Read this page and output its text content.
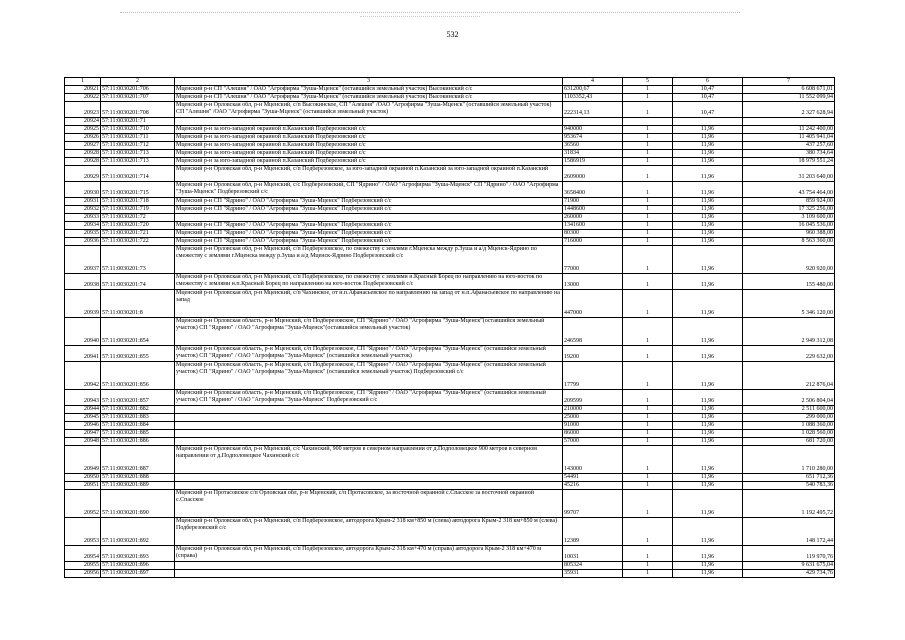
532
1	2	3	4	5	6	7
20921	57:11:0030201:706	Мценский р-н СП "Алешня" / ОАО "Агрофирма "Зуша-Мценск" (оставшийся земельный участок) Высокинский с/с	631200,67	1	10,47	6 608 671,01
20922	57:11:0030201:707	Мценский р-н СП "Алешня" / ОАО "Агрофирма "Зуша-Мценск" (оставшийся земельный участок) Высокинский с/с	1103352,43	1	10,47	11 552 099,94
20923	57:11:0030201:708	Мценский р-н Орловская обл, р-н Мценский, с/п Высокинское, СП "Алешня" /ОАО "Агрофирма "Зуша-Мценск" (оставшийся земельный участок) СП "Алешня" /ОАО "Агрофирма "Зуша-Мценск" (оставшийся земельный участок)	222314,13	1	10,47	2 327 628,94
20924	57:11:0030201:71					
20925	57:11:0030201:710	Мценский р-н за юго-западной окраиной п.Казанский Подберезовский с/с	940000	1	11,96	11 242 400,00
20926	57:11:0030201:711	Мценский р-н за юго-западной окраиной п.Казанский Подберезовский с/с	953674	1	11,96	11 405 941,04
20927	57:11:0030201:712	Мценский р-н за юго-западной окраиной п.Казанский Подберезовский с/с	36560	1	11,96	437 257,60
20928	57:11:0030201:713	Мценский р-н за юго-западной окраиной п.Казанский Подберезовский с/с	31834	1	11,96	380 734,64
20928	57:11:0030201:713	Мценский р-н за юго-западной окраиной п.Казанский Подберезовский с/с	1586919	1	11,96	18 979 551,24
20929	57:11:0030201:714	Мценский р-н Орловская обл, р-н Мценский, с/п Подберезовское, за юго-западной окраиной п.Казанский за юго-западной окраиной п.Казанский	2609000	1	11,96	31 203 640,00
20930	57:11:0030201:715	Мценский р-н Орловская обл, р-н Мценский, с/с Подберезовский, СП "Ядрино" / ОАО "Агрофирма "Зуша-Мценск" СП "Ядрино" / ОАО "Агрофирма "Зуша-Мценск" Подберезовский с/с	3658400	1	11,96	43 754 464,00
20931	57:11:0030201:718	Мценский р-н СП "Ядрино" / ОАО "Агрофирма "Зуша-Мценск" Подберезовский с/с	71900	1	11,96	859 924,00
20932	57:11:0030201:719	Мценский р-н СП "Ядрино" / ОАО "Агрофирма "Зуша-Мценск" Подберезовский с/с	1448600	1	11,96	17 325 256,00
20933	57:11:0030201:72		260000	1	11,96	3 109 600,00
20934	57:11:0030201:720	Мценский р-н СП "Ядрино" / ОАО "Агрофирма "Зуша-Мценск" Подберезовский с/с	1341600	1	11,96	16 045 536,00
20935	57:11:0030201:721	Мценский р-н СП "Ядрино" / ОАО "Агрофирма "Зуша-Мценск" Подберезовский с/с	80300	1	11,96	960 388,00
20936	57:11:0030201:722	Мценский р-н СП "Ядрино" / ОАО "Агрофирма "Зуша-Мценск" Подберезовский с/с	716000	1	11,96	8 563 360,00
20937	57:11:0030201:73	Мценский р-н Орловская обл, р-н Мценский, с/п Подберезовское, по смежеству с землями г.Мценска между р.Зуша и а/д Мценск-Ядрино по смежеству с землями г.Мценска между р.Зуша и а/д Мценск-Ядрино Подберезовский с/с	77000	1	11,96	920 920,00
20938	57:11:0030201:74	Мценский р-н Орловская обл, р-н Мценский, с/п Подберезовское, по смежеству с землями н.Красный Борец по направлению на юго-восток по смежеству с землями н.п.Красный Борец по направлению на юго-восток Подберезовский с/с	13000	1	11,96	155 480,00
20939	57:11:0030201:8	Мценский р-н Орловская обл, р-н Мценский, с/п Чахинское, от н.п.Афанасьевское по направлению на запад от н.п.Афанасьевское по направлению на запад	447000	1	11,96	5 346 120,00
20940	57:11:0030201:854	Мценский р-н Орловская область, р-н Мценский, с/п Подберезовское, СП "Ядрино" / ОАО "Агрофирма "Зуша-Мценск"(оставшийся земельный участок) СП "Ядрино" / ОАО "Агрофирма "Зуша-Мценск"(оставшийся земельный участок)	246598	1	11,96	2 949 312,08
20941	57:11:0030201:855	Мценский р-н Орловская область, р-н Мценский, с/п Подберезовское, СП "Ядрино" / ОАО "Агрофирма "Зуша-Мценск" (оставшийся земельный участок) СП "Ядрино" / ОАО "Агрофирма "Зуша-Мценск" (оставшийся земельный участок)	19200	1	11,96	229 632,00
20942	57:11:0030201:856	Мценский р-н Орловская область, р-н Мценский, с/п Подберезовское, СП "Ядрино" / ОАО "Агрофирма "Зуша-Мценск" (оставшийся земельный участок) СП "Ядрино" / ОАО "Агрофирма "Зуша-Мценск" (оставшийся земельный участок) Подберезовский с/с	17799	1	11,96	212 876,04
20943	57:11:0030201:857	Мценский р-н Орловская область, р-н Мценский, с/п Подберезовское, СП "Ядрино" / ОАО "Агрофирма "Зуша-Мценск" (оставшийся земельный участок) СП "Ядрино" / ОАО "Агрофирма "Зуша-Мценск" Подберезовский с/с	209599	1	11,96	2 506 804,04
20944	57:11:0030201:882		210000	1	11,96	2 511 600,00
20945	57:11:0030201:883		25000	1	11,96	299 000,00
20946	57:11:0030201:884		91000	1	11,96	1 088 360,00
20947	57:11:0030201:885		86000	1	11,96	1 028 560,00
20948	57:11:0030201:886		57000	1	11,96	681 720,00
20949	57:11:0030201:887	Мценский р-н Орловская обл, р-н Мценский, с/с Чахинский, 900 метров в северном направлении от д.Подполовецкое 900 метров в северном направлении от д.Подполовецкое Чахинский с/с	143000	1	11,96	1 710 280,00
20950	57:11:0030201:888		54491	1	11,96	651 712,36
20951	57:11:0030201:889		45216	1	11,96	540 783,36
20952	57:11:0030201:890	Мценский р-н Протасовское с/п Орловская обл, р-н Мценский, с/п Протасовское, за восточной окраиной с.Спасское за восточной окраиной с.Спасское	99707	1	11,96	1 192 495,72
20953	57:11:0030201:892	Мценский р-н Орловская обл, р-н Мценский, с/п Подберезовское, автодорога Крым-2 318 км+850 м (слева) автодорога Крым-2 318 км+850 м (слева) Подберезовский с/с	12389	1	11,96	148 172,44
20954	57:11:0030201:893	Мценский р-н Орловская обл, р-н Мценский, с/п Подберезовское, автодорога Крым-2 318 км+470 м (справа) автодорога Крым-2 318 км+470 м (справа)	10031	1	11,96	119 970,76
20955	57:11:0030201:896		805324	1	11,96	9 631 675,04
20956	57:11:0030201:897		35931	1	11,96	429 734,76
